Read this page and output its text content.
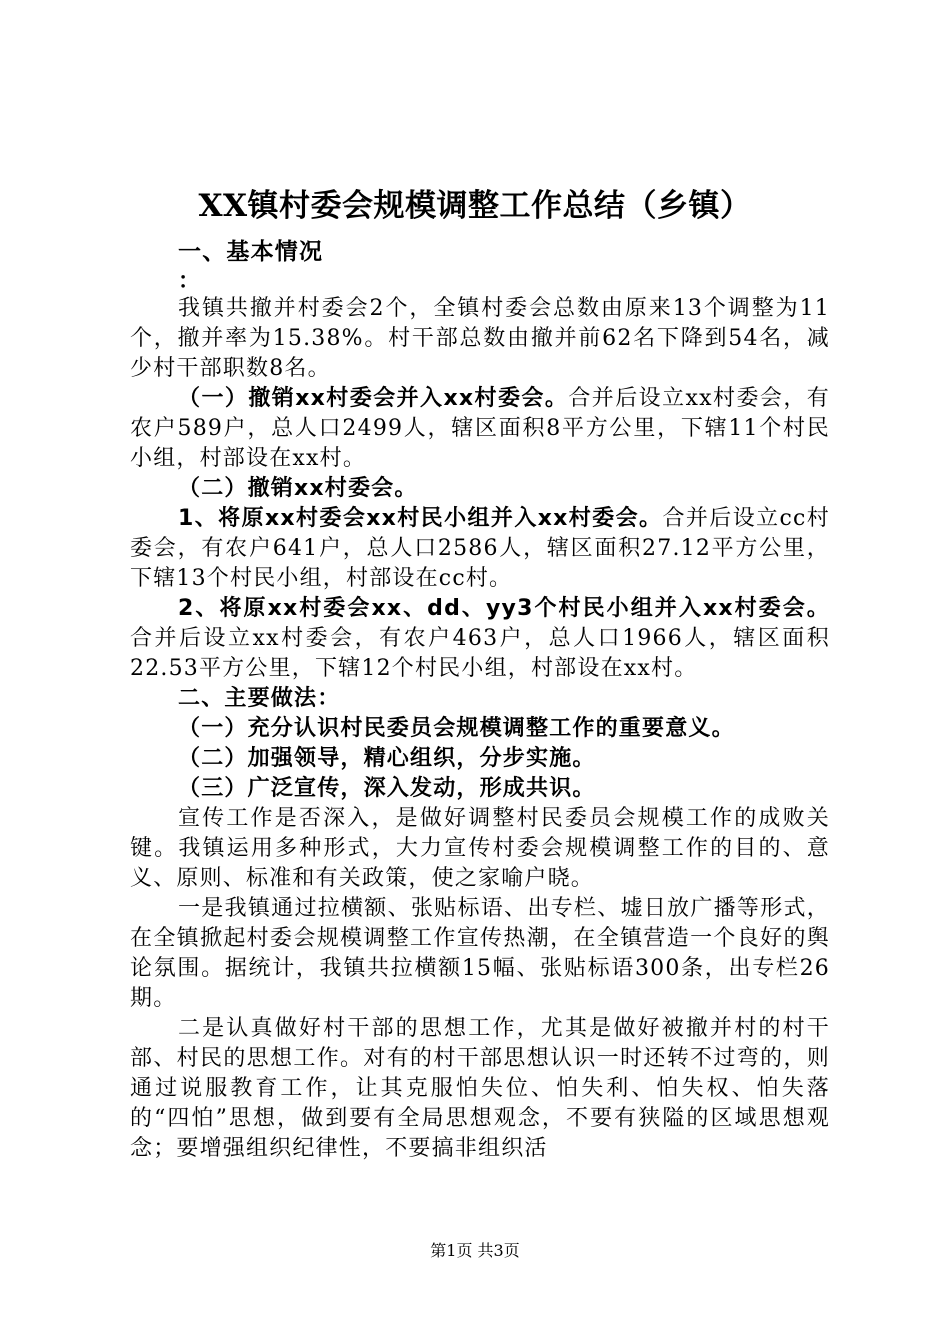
XX镇村委会规模调整工作总结（乡镇）

一、基本情况

：

我镇共撤并村委会2个，全镇村委会总数由原来13个调整为11个，撤并率为15.38%。村干部总数由撤并前62名下降到54名，减少村干部职数8名。

（一）撤销xx村委会并入xx村委会。合并后设立xx村委会，有农户589户，总人口2499人，辖区面积8平方公里，下辖11个村民小组，村部设在xx村。

（二）撤销xx村委会。

1、将原xx村委会xx村民小组并入xx村委会。合并后设立cc村委会，有农户641户，总人口2586人，辖区面积27.12平方公里，下辖13个村民小组，村部设在cc村。

2、将原xx村委会xx、dd、yy3个村民小组并入xx村委会。合并后设立xx村委会，有农户463户，总人口1966人，辖区面积22.53平方公里，下辖12个村民小组，村部设在xx村。

二、主要做法：

（一）充分认识村民委员会规模调整工作的重要意义。

（二）加强领导，精心组织，分步实施。

（三）广泛宣传，深入发动，形成共识。

宣传工作是否深入，是做好调整村民委员会规模工作的成败关键。我镇运用多种形式，大力宣传村委会规模调整工作的目的、意义、原则、标准和有关政策，使之家喻户晓。

一是我镇通过拉横额、张贴标语、出专栏、墟日放广播等形式，在全镇掀起村委会规模调整工作宣传热潮，在全镇营造一个良好的舆论氛围。据统计，我镇共拉横额15幅、张贴标语300条，出专栏26期。

二是认真做好村干部的思想工作，尤其是做好被撤并村的村干部、村民的思想工作。对有的村干部思想认识一时还转不过弯的，则通过说服教育工作，让其克服怕失位、怕失利、怕失权、怕失落的“四怕”思想，做到要有全局思想观念，不要有狭隘的区域思想观念；要增强组织纪律性，不要搞非组织活

第1页 共3页
